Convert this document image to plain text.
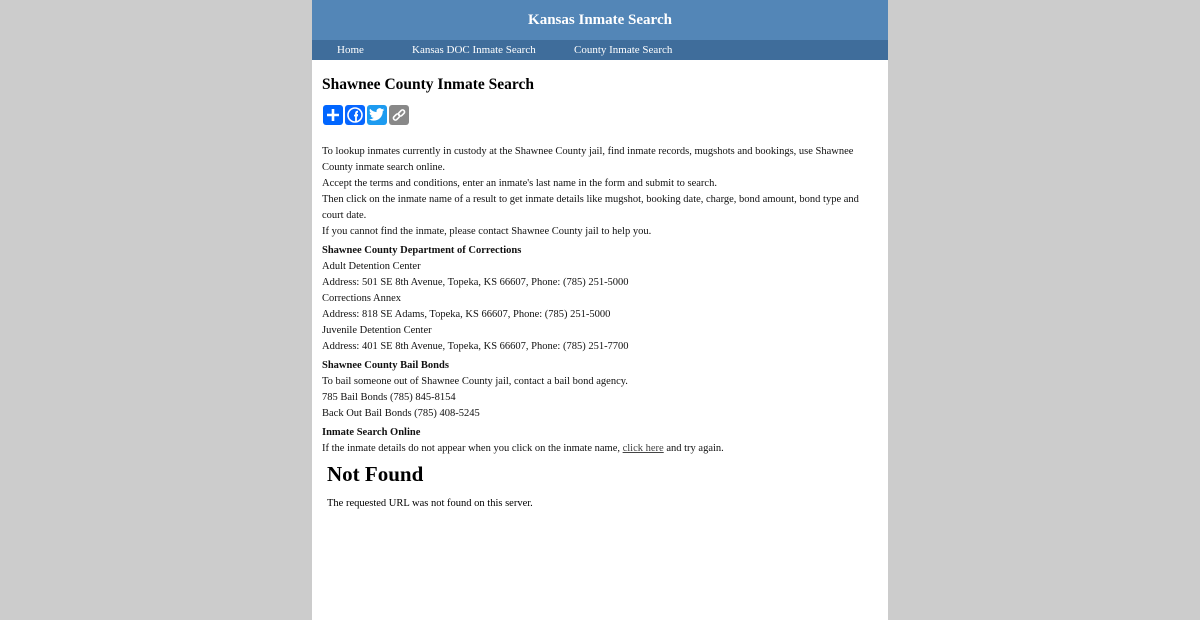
Kansas Inmate Search
Home	Kansas DOC Inmate Search	County Inmate Search
Shawnee County Inmate Search

To lookup inmates currently in custody at the Shawnee County jail, find inmate records, mugshots and bookings, use Shawnee County inmate search online.

Accept the terms and conditions, enter an inmate's last name in the form and submit to search.

Then click on the inmate name of a result to get inmate details like mugshot, booking date, charge, bond amount, bond type and court date.

If you cannot find the inmate, please contact Shawnee County jail to help you.

Shawnee County Department of Corrections

Adult Detention Center

Address: 501 SE 8th Avenue, Topeka, KS 66607, Phone: (785) 251-5000

Corrections Annex

Address: 818 SE Adams, Topeka, KS 66607, Phone: (785) 251-5000

Juvenile Detention Center

Address: 401 SE 8th Avenue, Topeka, KS 66607, Phone: (785) 251-7700

Shawnee County Bail Bonds

To bail someone out of Shawnee County jail, contact a bail bond agency.

785 Bail Bonds (785) 845-8154

Back Out Bail Bonds (785) 408-5245

Inmate Search Online

If the inmate details do not appear when you click on the inmate name, click here and try again.

Not Found
The requested URL was not found on this server.
